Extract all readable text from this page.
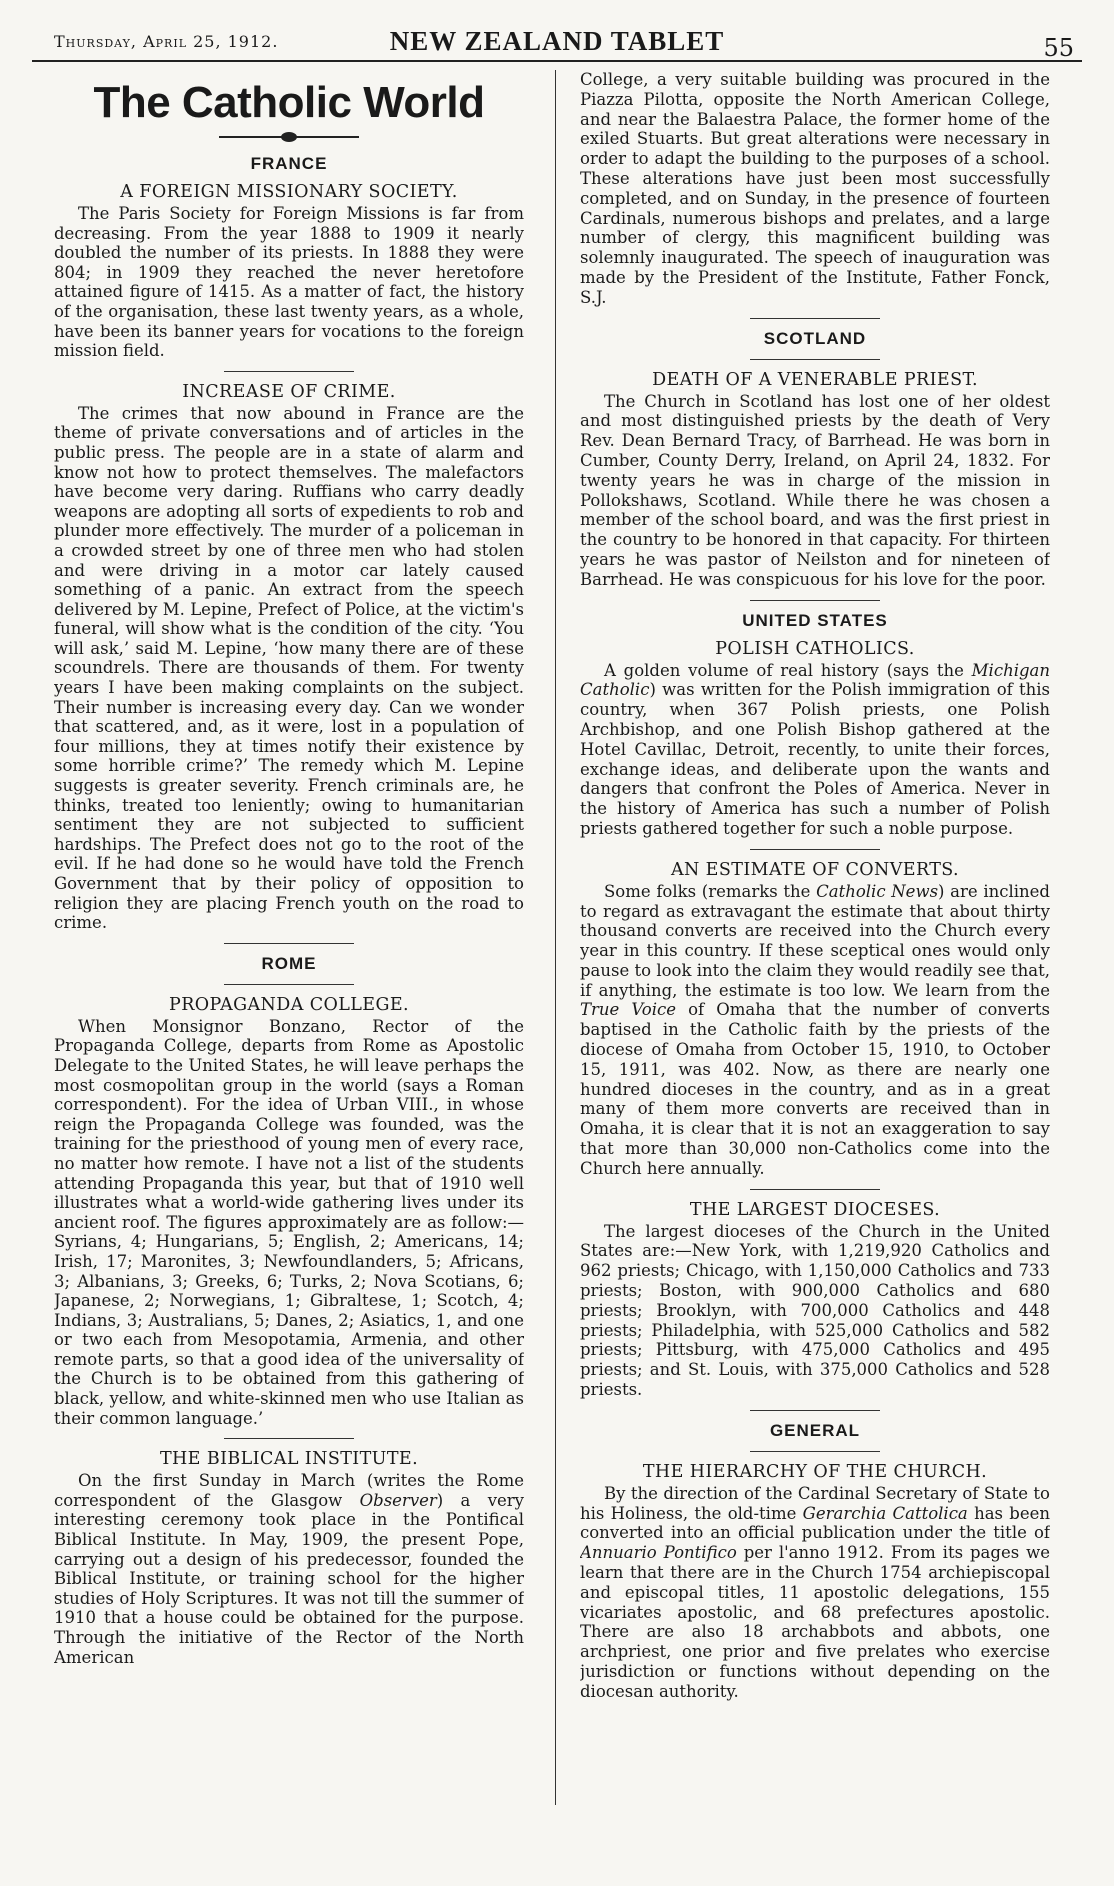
Thursday, April 25, 1912.	NEW ZEALAND TABLET	55
The Catholic World
FRANCE
A FOREIGN MISSIONARY SOCIETY.

The Paris Society for Foreign Missions is far from decreasing. From the year 1888 to 1909 it nearly doubled the number of its priests. In 1888 they were 804; in 1909 they reached the never heretofore attained figure of 1415. As a matter of fact, the history of the organisation, these last twenty years, as a whole, have been its banner years for vocations to the foreign mission field.

INCREASE OF CRIME.

The crimes that now abound in France are the theme of private conversations and of articles in the public press. The people are in a state of alarm and know not how to protect themselves. The malefactors have become very daring. Ruffians who carry deadly weapons are adopting all sorts of expedients to rob and plunder more effectively. The murder of a policeman in a crowded street by one of three men who had stolen and were driving in a motor car lately caused something of a panic. An extract from the speech delivered by M. Lepine, Prefect of Police, at the victim's funeral, will show what is the condition of the city. ‘You will ask,’ said M. Lepine, ‘how many there are of these scoundrels. There are thousands of them. For twenty years I have been making complaints on the subject. Their number is increasing every day. Can we wonder that scattered, and, as it were, lost in a population of four millions, they at times notify their existence by some horrible crime?’ The remedy which M. Lepine suggests is greater severity. French criminals are, he thinks, treated too leniently; owing to humanitarian sentiment they are not subjected to sufficient hardships. The Prefect does not go to the root of the evil. If he had done so he would have told the French Government that by their policy of opposition to religion they are placing French youth on the road to crime.

ROME
PROPAGANDA COLLEGE.

When Monsignor Bonzano, Rector of the Propaganda College, departs from Rome as Apostolic Delegate to the United States, he will leave perhaps the most cosmopolitan group in the world (says a Roman correspondent). For the idea of Urban VIII., in whose reign the Propaganda College was founded, was the training for the priesthood of young men of every race, no matter how remote. I have not a list of the students attending Propaganda this year, but that of 1910 well illustrates what a world-wide gathering lives under its ancient roof. The figures approximately are as follow:—Syrians, 4; Hungarians, 5; English, 2; Americans, 14; Irish, 17; Maronites, 3; Newfoundlanders, 5; Africans, 3; Albanians, 3; Greeks, 6; Turks, 2; Nova Scotians, 6; Japanese, 2; Norwegians, 1; Gibraltese, 1; Scotch, 4; Indians, 3; Australians, 5; Danes, 2; Asiatics, 1, and one or two each from Mesopotamia, Armenia, and other remote parts, so that a good idea of the universality of the Church is to be obtained from this gathering of black, yellow, and white-skinned men who use Italian as their common language.’

THE BIBLICAL INSTITUTE.

On the first Sunday in March (writes the Rome correspondent of the Glasgow Observer) a very interesting ceremony took place in the Pontifical Biblical Institute. In May, 1909, the present Pope, carrying out a design of his predecessor, founded the Biblical Institute, or training school for the higher studies of Holy Scriptures. It was not till the summer of 1910 that a house could be obtained for the purpose. Through the initiative of the Rector of the North American

College, a very suitable building was procured in the Piazza Pilotta, opposite the North American College, and near the Balaestra Palace, the former home of the exiled Stuarts. But great alterations were necessary in order to adapt the building to the purposes of a school. These alterations have just been most successfully completed, and on Sunday, in the presence of fourteen Cardinals, numerous bishops and prelates, and a large number of clergy, this magnificent building was solemnly inaugurated. The speech of inauguration was made by the President of the Institute, Father Fonck, S.J.

SCOTLAND
DEATH OF A VENERABLE PRIEST.

The Church in Scotland has lost one of her oldest and most distinguished priests by the death of Very Rev. Dean Bernard Tracy, of Barrhead. He was born in Cumber, County Derry, Ireland, on April 24, 1832. For twenty years he was in charge of the mission in Pollokshaws, Scotland. While there he was chosen a member of the school board, and was the first priest in the country to be honored in that capacity. For thirteen years he was pastor of Neilston and for nineteen of Barrhead. He was conspicuous for his love for the poor.

UNITED STATES
POLISH CATHOLICS.

A golden volume of real history (says the Michigan Catholic) was written for the Polish immigration of this country, when 367 Polish priests, one Polish Archbishop, and one Polish Bishop gathered at the Hotel Cavillac, Detroit, recently, to unite their forces, exchange ideas, and deliberate upon the wants and dangers that confront the Poles of America. Never in the history of America has such a number of Polish priests gathered together for such a noble purpose.

AN ESTIMATE OF CONVERTS.

Some folks (remarks the Catholic News) are inclined to regard as extravagant the estimate that about thirty thousand converts are received into the Church every year in this country. If these sceptical ones would only pause to look into the claim they would readily see that, if anything, the estimate is too low. We learn from the True Voice of Omaha that the number of converts baptised in the Catholic faith by the priests of the diocese of Omaha from October 15, 1910, to October 15, 1911, was 402. Now, as there are nearly one hundred dioceses in the country, and as in a great many of them more converts are received than in Omaha, it is clear that it is not an exaggeration to say that more than 30,000 non-Catholics come into the Church here annually.

THE LARGEST DIOCESES.

The largest dioceses of the Church in the United States are:—New York, with 1,219,920 Catholics and 962 priests; Chicago, with 1,150,000 Catholics and 733 priests; Boston, with 900,000 Catholics and 680 priests; Brooklyn, with 700,000 Catholics and 448 priests; Philadelphia, with 525,000 Catholics and 582 priests; Pittsburg, with 475,000 Catholics and 495 priests; and St. Louis, with 375,000 Catholics and 528 priests.

GENERAL
THE HIERARCHY OF THE CHURCH.

By the direction of the Cardinal Secretary of State to his Holiness, the old-time Gerarchia Cattolica has been converted into an official publication under the title of Annuario Pontifico per l'anno 1912. From its pages we learn that there are in the Church 1754 archiepiscopal and episcopal titles, 11 apostolic delegations, 155 vicariates apostolic, and 68 prefectures apostolic. There are also 18 archabbots and abbots, one archpriest, one prior and five prelates who exercise jurisdiction or functions without depending on the diocesan authority.
